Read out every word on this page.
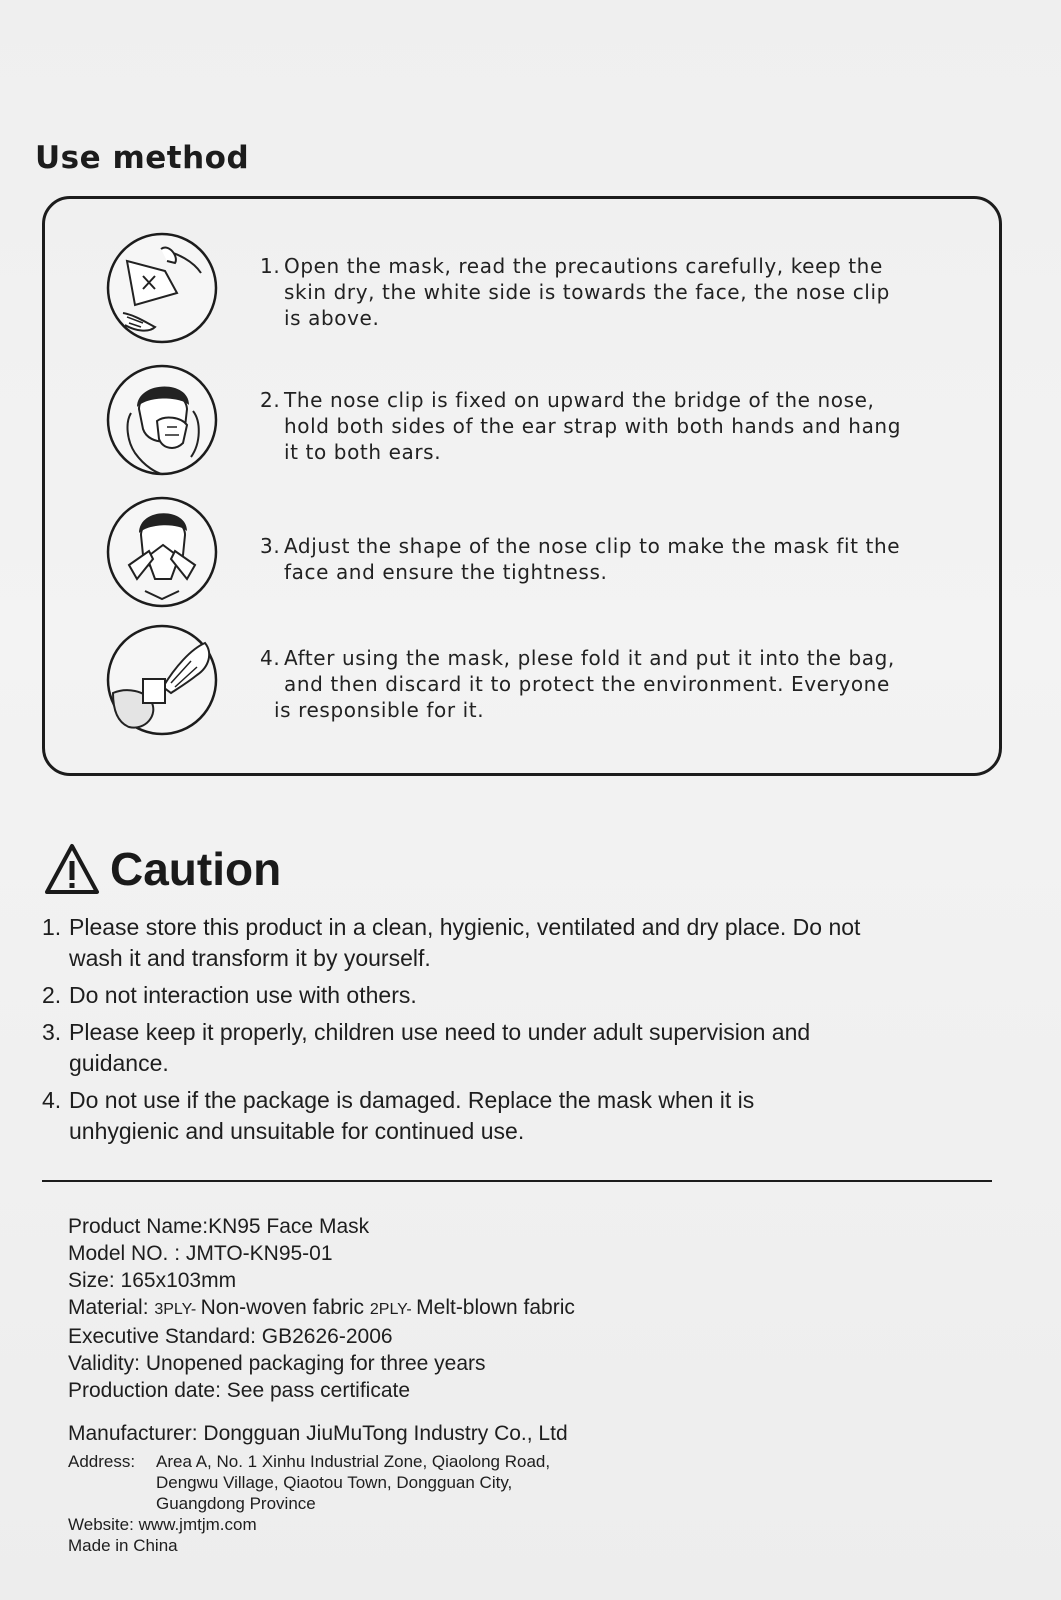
Use method

1. Open the mask, read the precautions carefully, keep the
skin dry, the white side is towards the face, the nose clip
is above.

2. The nose clip is fixed on upward the bridge of the nose,
hold both sides of the ear strap with both hands and hang
it to both ears.

3. Adjust the shape of the nose clip to make the mask fit the
face and ensure the tightness.

4. After using the mask, plese fold it and put it into the bag,
and then discard it to protect the environment. Everyone
is responsible for it.

Caution
1. Please store this product in a clean, hygienic, ventilated and dry place. Do not
wash it and transform it by yourself.
2. Do not interaction use with others.
3. Please keep it properly, children use need to under adult supervision and
guidance.
4. Do not use if the package is damaged. Replace the mask when it is
unhygienic and unsuitable for continued use.
Product Name:KN95 Face Mask
Model NO. : JMTO-KN95-01
Size: 165x103mm
Material: 3PLY- Non-woven fabric 2PLY- Melt-blown fabric
Executive Standard: GB2626-2006
Validity: Unopened packaging for three years
Production date: See pass certificate
Manufacturer: Dongguan JiuMuTong Industry Co., Ltd
Address:	Area A, No. 1 Xinhu Industrial Zone, Qiaolong Road,
Dengwu Village, Qiaotou Town, Dongguan City,
Guangdong Province
Website: www.jmtjm.com
Made in China
